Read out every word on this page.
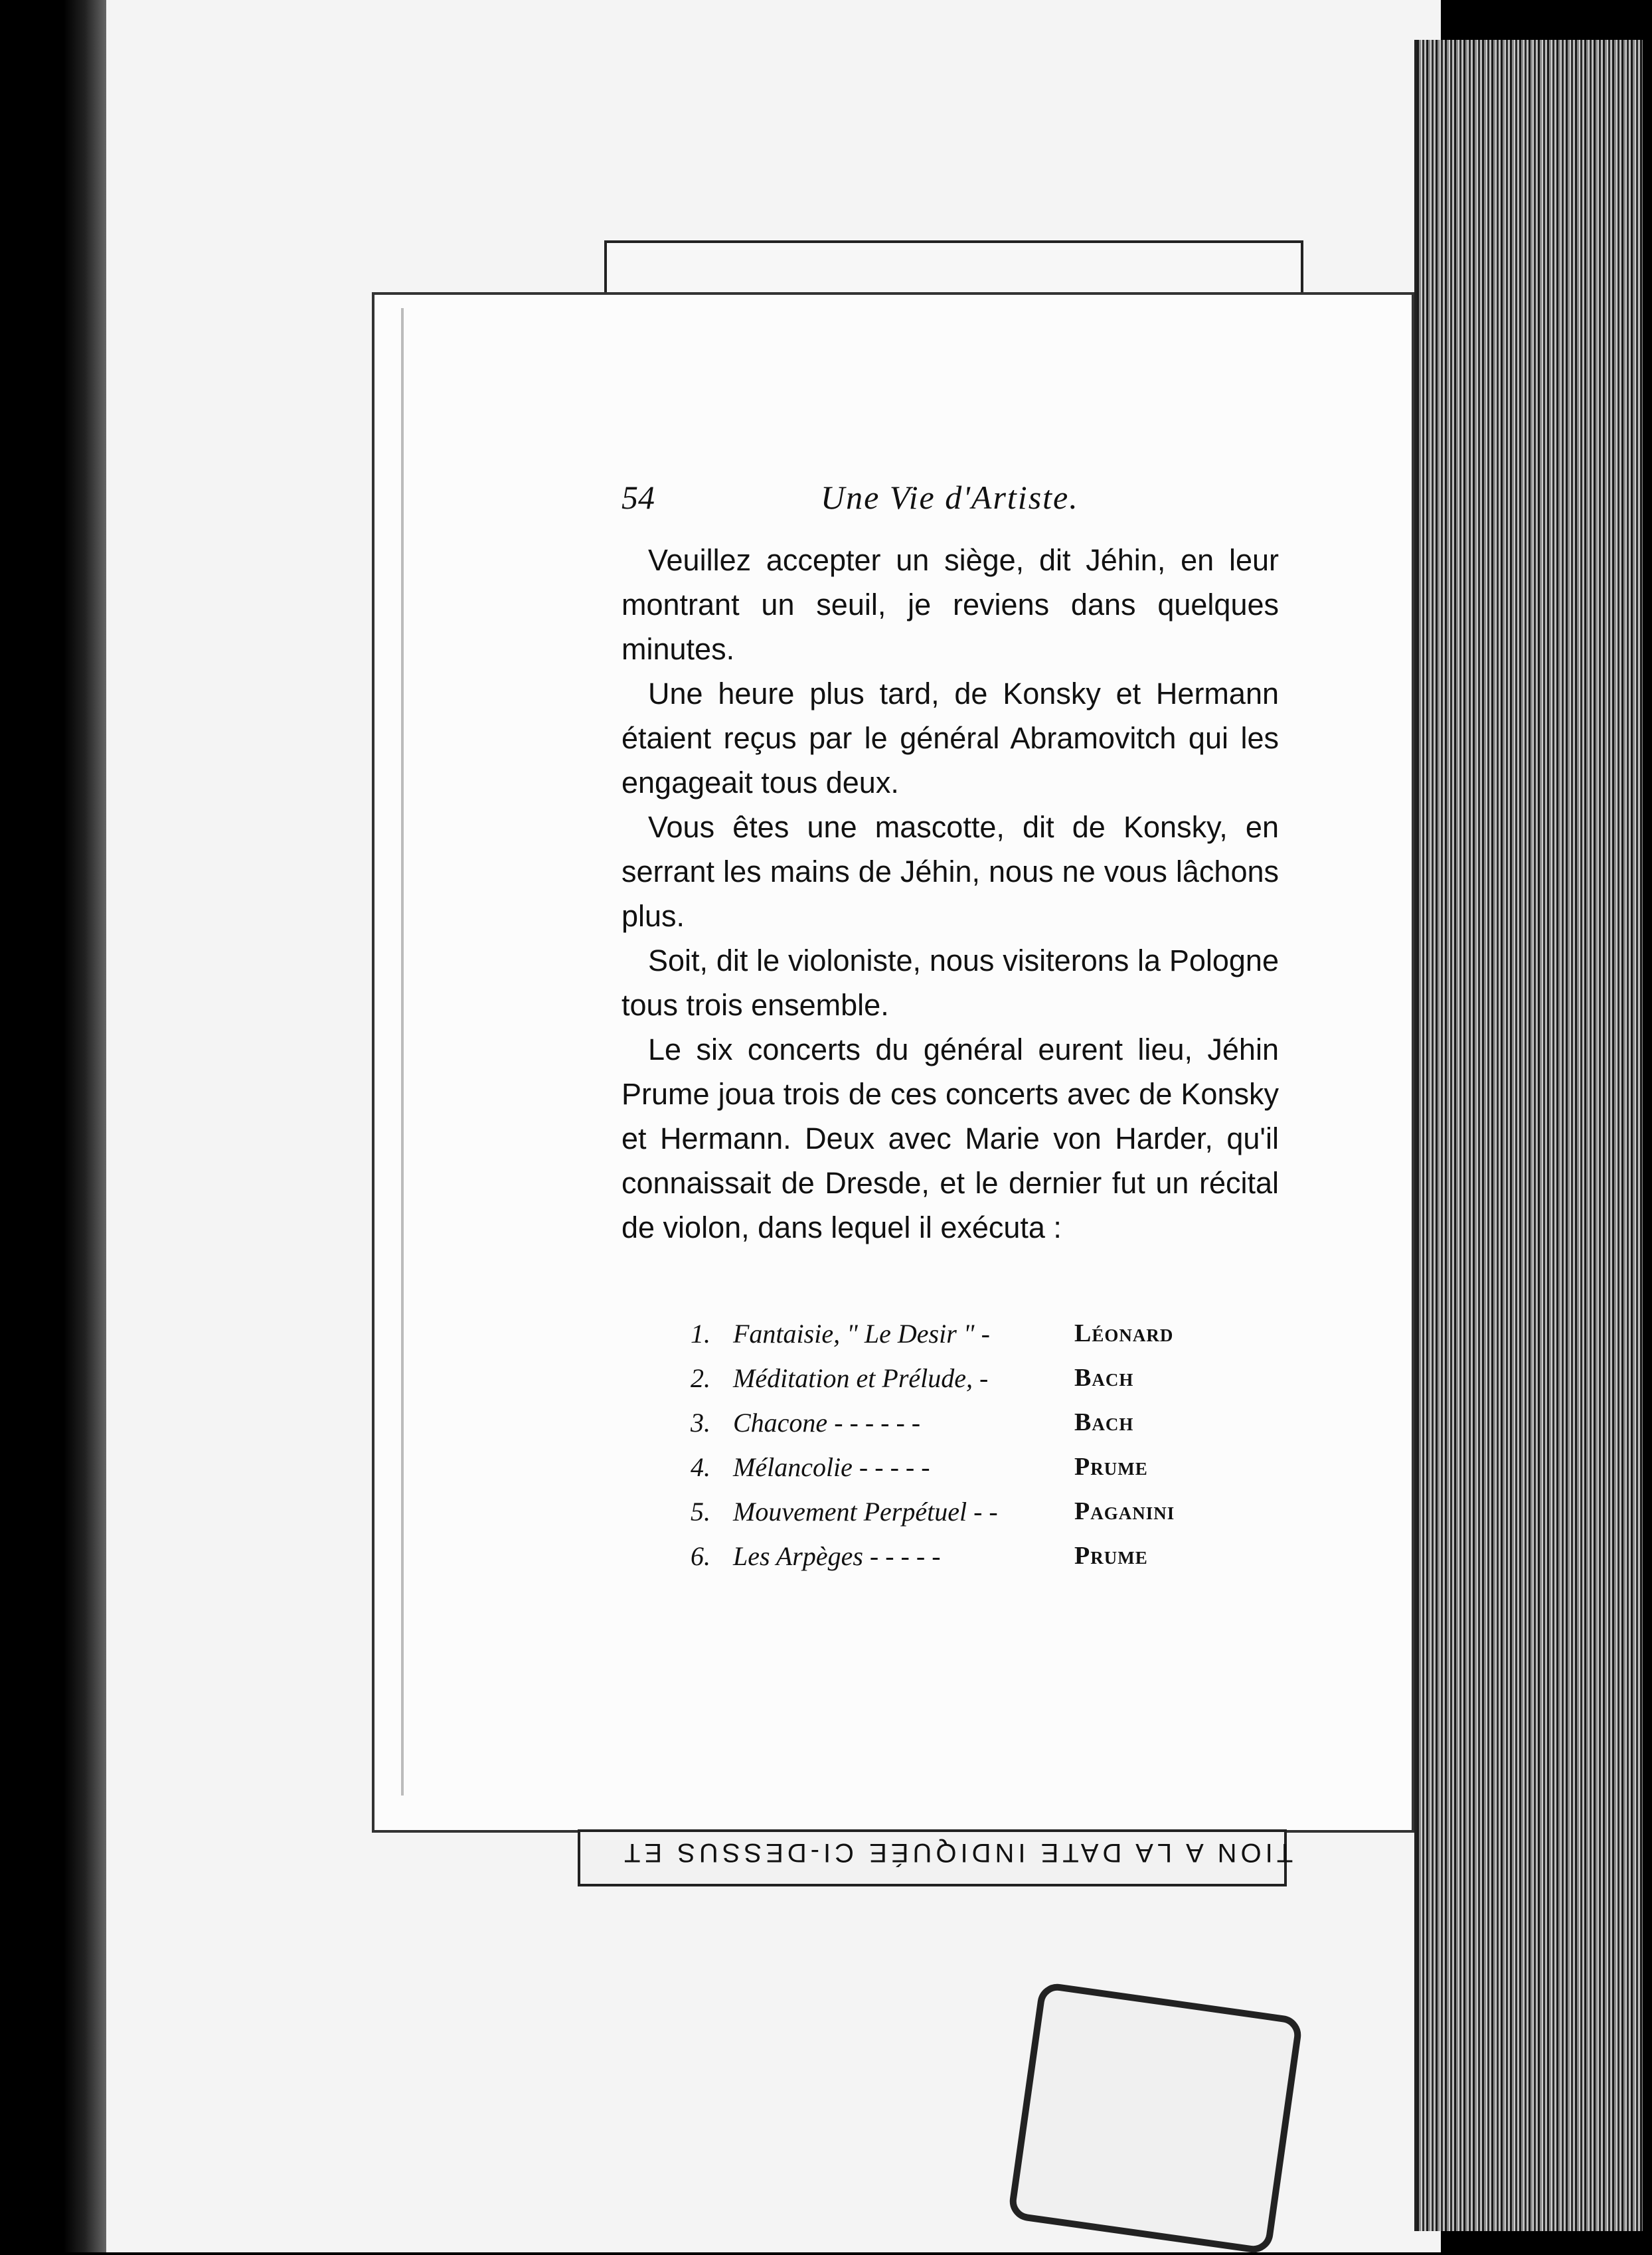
54	Une Vie d'Artiste.

Veuillez accepter un siège, dit Jéhin, en leur montrant un seuil, je reviens dans quelques minutes.

Une heure plus tard, de Konsky et Hermann étaient reçus par le général Abramovitch qui les engageait tous deux.

Vous êtes une mascotte, dit de Konsky, en serrant les mains de Jéhin, nous ne vous lâchons plus.

Soit, dit le violoniste, nous visiterons la Pologne tous trois ensemble.

Le six concerts du général eurent lieu, Jéhin Prume joua trois de ces concerts avec de Konsky et Hermann. Deux avec Marie von Harder, qu'il connaissait de Dresde, et le dernier fut un récital de violon, dans lequel il exécuta :

1. Fantaisie, " Le Desir " -	Léonard
2. Méditation et Prélude, -	Bach
3. Chacone - - - - - -	Bach
4. Mélancolie - - - - -	Prume
5. Mouvement Perpétuel - -	Paganini
6. Les Arpèges - - - - -	Prume
TION A LA DATE INDIQUÉE CI-DESSUS ET
